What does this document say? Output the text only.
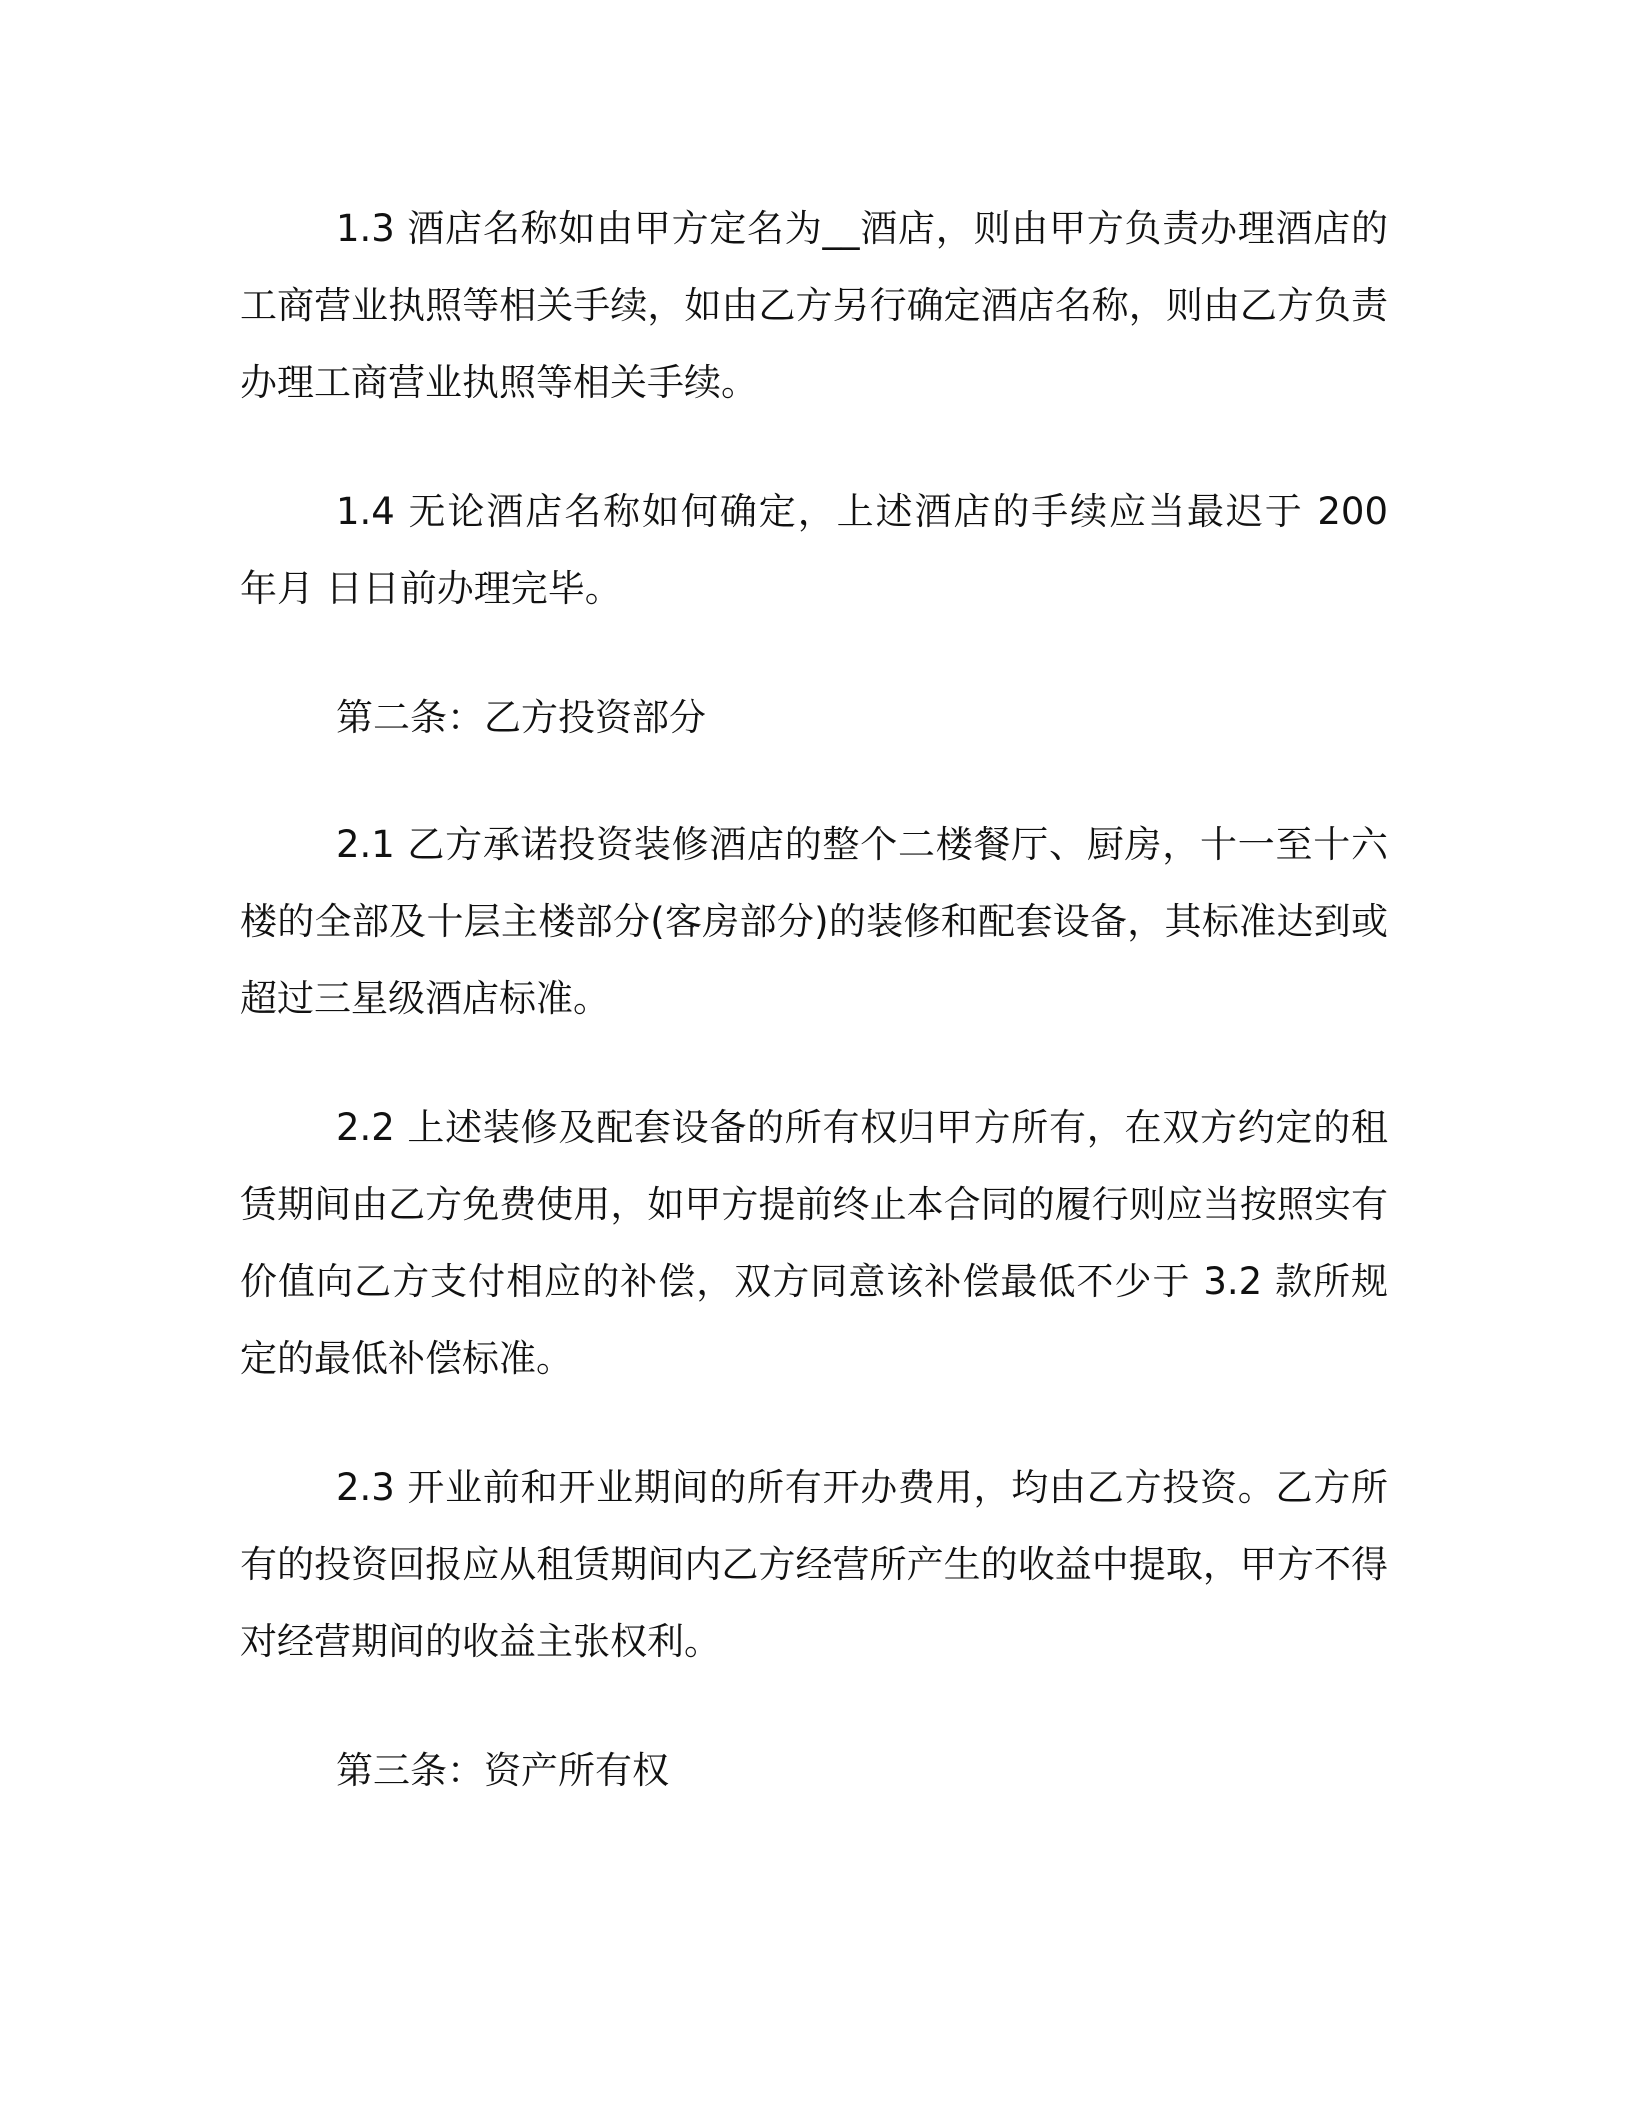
1.3 酒店名称如由甲方定名为__酒店，则由甲方负责办理酒店的工商营业执照等相关手续，如由乙方另行确定酒店名称，则由乙方负责办理工商营业执照等相关手续。

1.4 无论酒店名称如何确定，上述酒店的手续应当最迟于 200 年月 日日前办理完毕。

第二条：乙方投资部分

2.1 乙方承诺投资装修酒店的整个二楼餐厅、厨房，十一至十六楼的全部及十层主楼部分(客房部分)的装修和配套设备，其标准达到或超过三星级酒店标准。

2.2 上述装修及配套设备的所有权归甲方所有，在双方约定的租赁期间由乙方免费使用，如甲方提前终止本合同的履行则应当按照实有价值向乙方支付相应的补偿，双方同意该补偿最低不少于 3.2 款所规定的最低补偿标准。

2.3 开业前和开业期间的所有开办费用，均由乙方投资。乙方所有的投资回报应从租赁期间内乙方经营所产生的收益中提取，甲方不得对经营期间的收益主张权利。

第三条：资产所有权
